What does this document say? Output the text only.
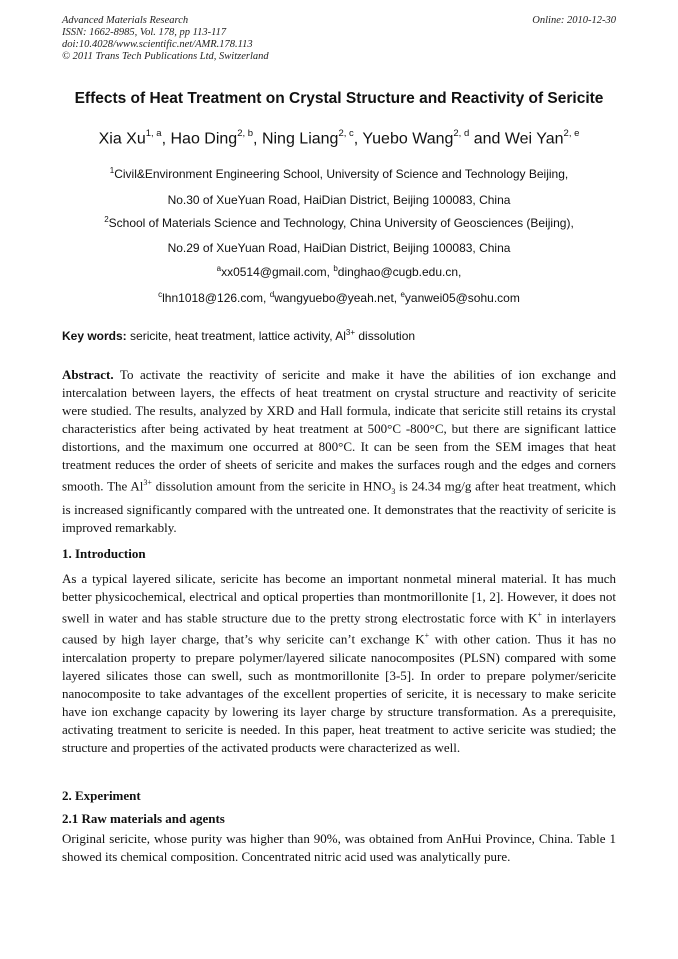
Advanced Materials Research
ISSN: 1662-8985, Vol. 178, pp 113-117
doi:10.4028/www.scientific.net/AMR.178.113
© 2011 Trans Tech Publications Ltd, Switzerland
Online: 2010-12-30
Effects of Heat Treatment on Crystal Structure and Reactivity of Sericite
Xia Xu$^{1, a}$, Hao Ding$^{2, b}$, Ning Liang$^{2, c}$, Yuebo Wang$^{2, d}$ and Wei Yan$^{2, e}$
$^1$Civil&Environment Engineering School, University of Science and Technology Beijing,
No.30 of XueYuan Road, HaiDian District, Beijing 100083, China
$^2$School of Materials Science and Technology, China University of Geosciences (Beijing),
No.29 of XueYuan Road, HaiDian District, Beijing 100083, China
$^a$xx0514@gmail.com, $^b$dinghao@cugb.edu.cn,
$^c$lhn1018@126.com, $^d$wangyuebo@yeah.net, $^e$yanwei05@sohu.com
Key words: sericite, heat treatment, lattice activity, $Al^{3+}$ dissolution
Abstract. To activate the reactivity of sericite and make it have the abilities of ion exchange and intercalation between layers, the effects of heat treatment on crystal structure and reactivity of sericite were studied. The results, analyzed by XRD and Hall formula, indicate that sericite still retains its crystal characteristics after being activated by heat treatment at 500°C -800°C, but there are significant lattice distortions, and the maximum one occurred at 800°C. It can be seen from the SEM images that heat treatment reduces the order of sheets of sericite and makes the surfaces rough and the edges and corners smooth. The $Al^{3+}$ dissolution amount from the sericite in $HNO_3$ is 24.34 mg/g after heat treatment, which is increased significantly compared with the untreated one. It demonstrates that the reactivity of sericite is improved remarkably.
1. Introduction
As a typical layered silicate, sericite has become an important nonmetal mineral material. It has much better physicochemical, electrical and optical properties than montmorillonite [1, 2]. However, it does not swell in water and has stable structure due to the pretty strong electrostatic force with K+ in interlayers caused by high layer charge, that’s why sericite can’t exchange K+ with other cation. Thus it has no intercalation property to prepare polymer/layered silicate nanocomposites (PLSN) compared with some layered silicates those can swell, such as montmorillonite [3-5]. In order to prepare polymer/sericite nanocomposite to take advantages of the excellent properties of sericite, it is necessary to make sericite have ion exchange capacity by lowering its layer charge by structure transformation. As a prerequisite, activating treatment to sericite is needed. In this paper, heat treatment to active sericite was studied; the structure and properties of the activated products were characterized as well.
2. Experiment
2.1 Raw materials and agents
Original sericite, whose purity was higher than 90%, was obtained from AnHui Province, China. Table 1 showed its chemical composition. Concentrated nitric acid used was analytically pure.
